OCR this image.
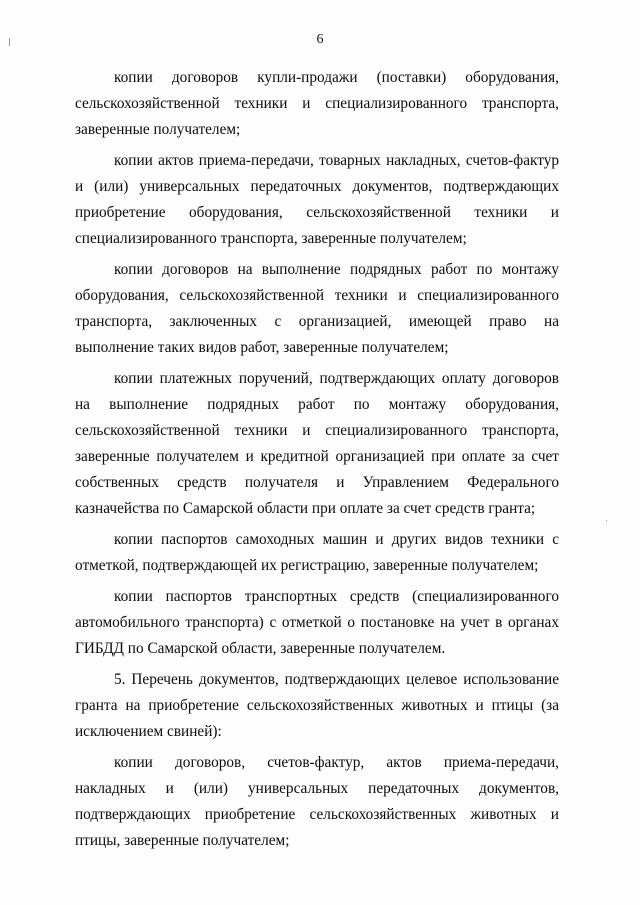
6

копии договоров купли-продажи (поставки) оборудования, сельскохозяйственной техники и специализированного транспорта, заверенные получателем;

копии актов приема-передачи, товарных накладных, счетов-фактур и (или) универсальных передаточных документов, подтверждающих приобретение оборудования, сельскохозяйственной техники и специализированного транспорта, заверенные получателем;

копии договоров на выполнение подрядных работ по монтажу оборудования, сельскохозяйственной техники и специализированного транспорта, заключенных с организацией, имеющей право на выполнение таких видов работ, заверенные получателем;

копии платежных поручений, подтверждающих оплату договоров на выполнение подрядных работ по монтажу оборудования, сельскохозяйственной техники и специализированного транспорта, заверенные получателем и кредитной организацией при оплате за счет собственных средств получателя и Управлением Федерального казначейства по Самарской области при оплате за счет средств гранта;

копии паспортов самоходных машин и других видов техники с отметкой, подтверждающей их регистрацию, заверенные получателем;

копии паспортов транспортных средств (специализированного автомобильного транспорта) с отметкой о постановке на учет в органах ГИБДД по Самарской области, заверенные получателем.

5. Перечень документов, подтверждающих целевое использование гранта на приобретение сельскохозяйственных животных и птицы (за исключением свиней):

копии договоров, счетов-фактур, актов приема-передачи, накладных и (или) универсальных передаточных документов, подтверждающих приобретение сельскохозяйственных животных и птицы, заверенные получателем;
